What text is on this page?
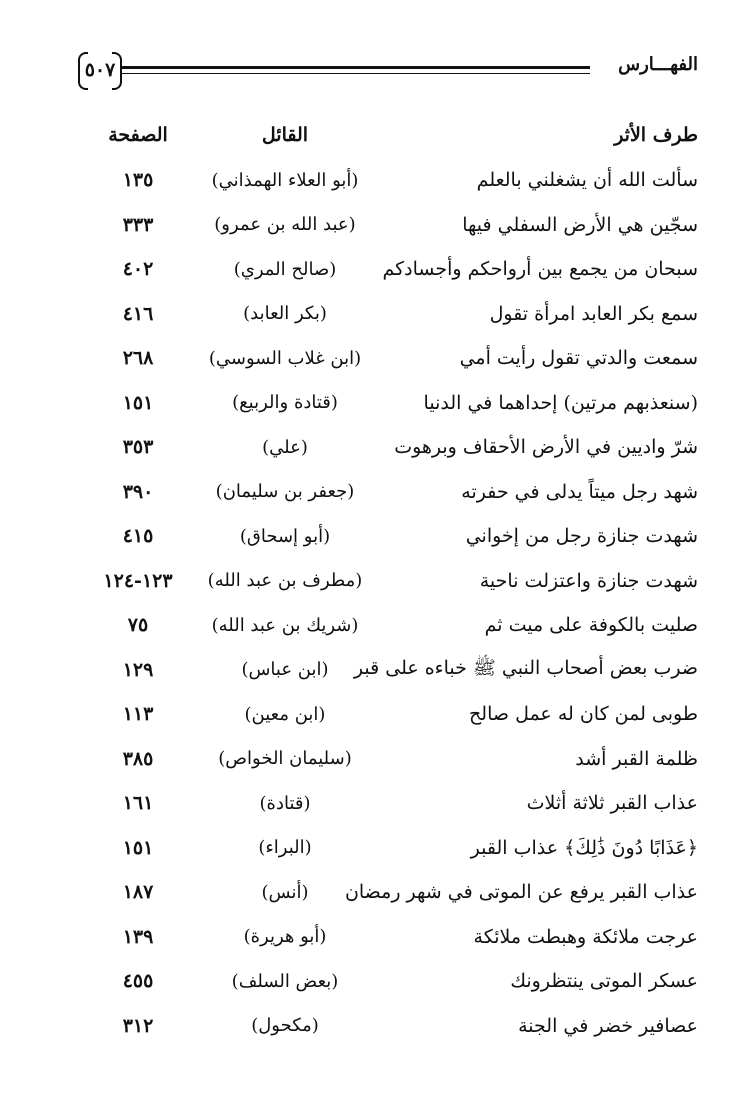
٥٠٧	الفهـــارس
طرف الأثر
القائل
الصفحة
سألت الله أن يشغلني بالعلم
(أبو العلاء الهمذاني)
١٣٥
سجّين هي الأرض السفلي فيها
(عبد الله بن عمرو)
٣٣٣
سبحان من يجمع بين أرواحكم وأجسادكم
(صالح المري)
٤٠٢
سمع بكر العابد امرأة تقول
(بكر العابد)
٤١٦
سمعت والدتي تقول رأيت أمي
(ابن غلاب السوسي)
٢٦٨
(سنعذبهم مرتين) إحداهما في الدنيا
(قتادة والربيع)
١٥١
شرّ واديين في الأرض الأحقاف وبرهوت
(علي)
٣٥٣
شهد رجل ميتاً يدلى في حفرته
(جعفر بن سليمان)
٣٩٠
شهدت جنازة رجل من إخواني
(أبو إسحاق)
٤١٥
شهدت جنازة واعتزلت ناحية
(مطرف بن عبد الله)
١٢٣-١٢٤
صليت بالكوفة على ميت ثم
(شريك بن عبد الله)
٧٥
ضرب بعض أصحاب النبي ﷺ خباءه على قبر
(ابن عباس)
١٢٩
طوبى لمن كان له عمل صالح
(ابن معين)
١١٣
ظلمة القبر أشد
(سليمان الخواص)
٣٨٥
عذاب القبر ثلاثة أثلاث
(قتادة)
١٦١
﴿عَذَابًا دُونَ ذَٰلِكَ﴾ عذاب القبر
(البراء)
١٥١
عذاب القبر يرفع عن الموتى في شهر رمضان
(أنس)
١٨٧
عرجت ملائكة وهبطت ملائكة
(أبو هريرة)
١٣٩
عسكر الموتى ينتظرونك
(بعض السلف)
٤٥٥
عصافير خضر في الجنة
(مكحول)
٣١٢
